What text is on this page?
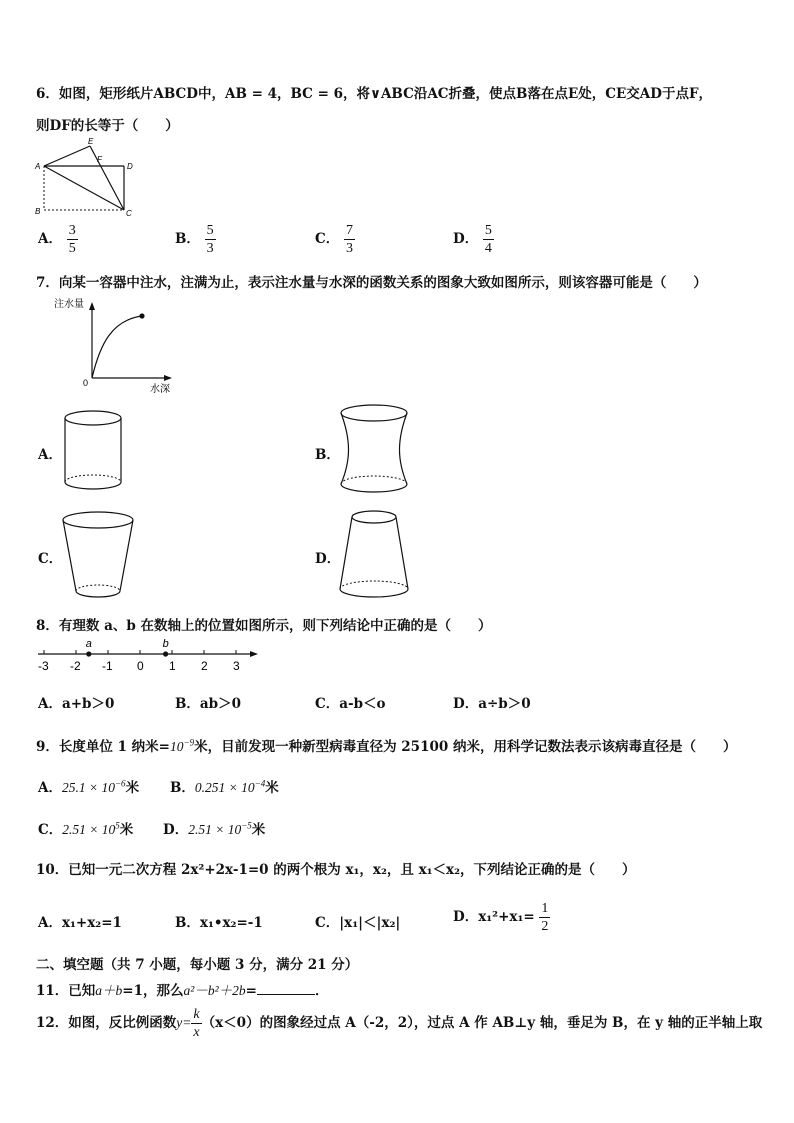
6．如图，矩形纸片ABCD中，AB = 4，BC = 6，将∨ABC沿AC折叠，使点B落在点E处，CE交AD于点F，
则DF的长等于（　　）
A
B	C
D
E
F
A． $\frac{3}{5}$	B． $\frac{5}{3}$	C． $\frac{7}{3}$	D． $\frac{5}{4}$
7．向某一容器中注水，注满为止，表示注水量与水深的函数关系的图象大致如图所示，则该容器可能是（　　）
注水量
水深
0
A．	B．
C．	D．
8．有理数 a、b 在数轴上的位置如图所示，则下列结论中正确的是（　　）
-3 -2 -1 0 1 2 3
a	b
A．a+b＞0	B．ab＞0	C．a-b＜o	D．a÷b＞0
9．长度单位 1 纳米$=10^{-9}$米，目前发现一种新型病毒直径为 25100 纳米，用科学记数法表示该病毒直径是（　　）
A．$25.1 \times 10^{-6}$米 B．$0.251 \times 10^{-4}$米
C．$2.51 \times 10^5$米 D．$2.51 \times 10^{-5}$米
10．已知一元二次方程 2x²+2x-1=0 的两个根为 x₁，x₂，且 x₁＜x₂，下列结论正确的是（　　）
A．x₁+x₂=1	B．x₁•x₂=-1	C．|x₁|＜|x₂|	D．$x_1^2+x_1= \frac{1}{2}$
二、填空题（共 7 小题，每小题 3 分，满分 21 分）
11．已知a＋b=1，那么a²－b²＋2b=	．
12．如图，反比例函数$y= \frac{k}{x} (x<0)$的图象经过点 A（-2，2），过点 A 作 AB⊥y 轴，垂足为 B，在 y 轴的正半轴上取
